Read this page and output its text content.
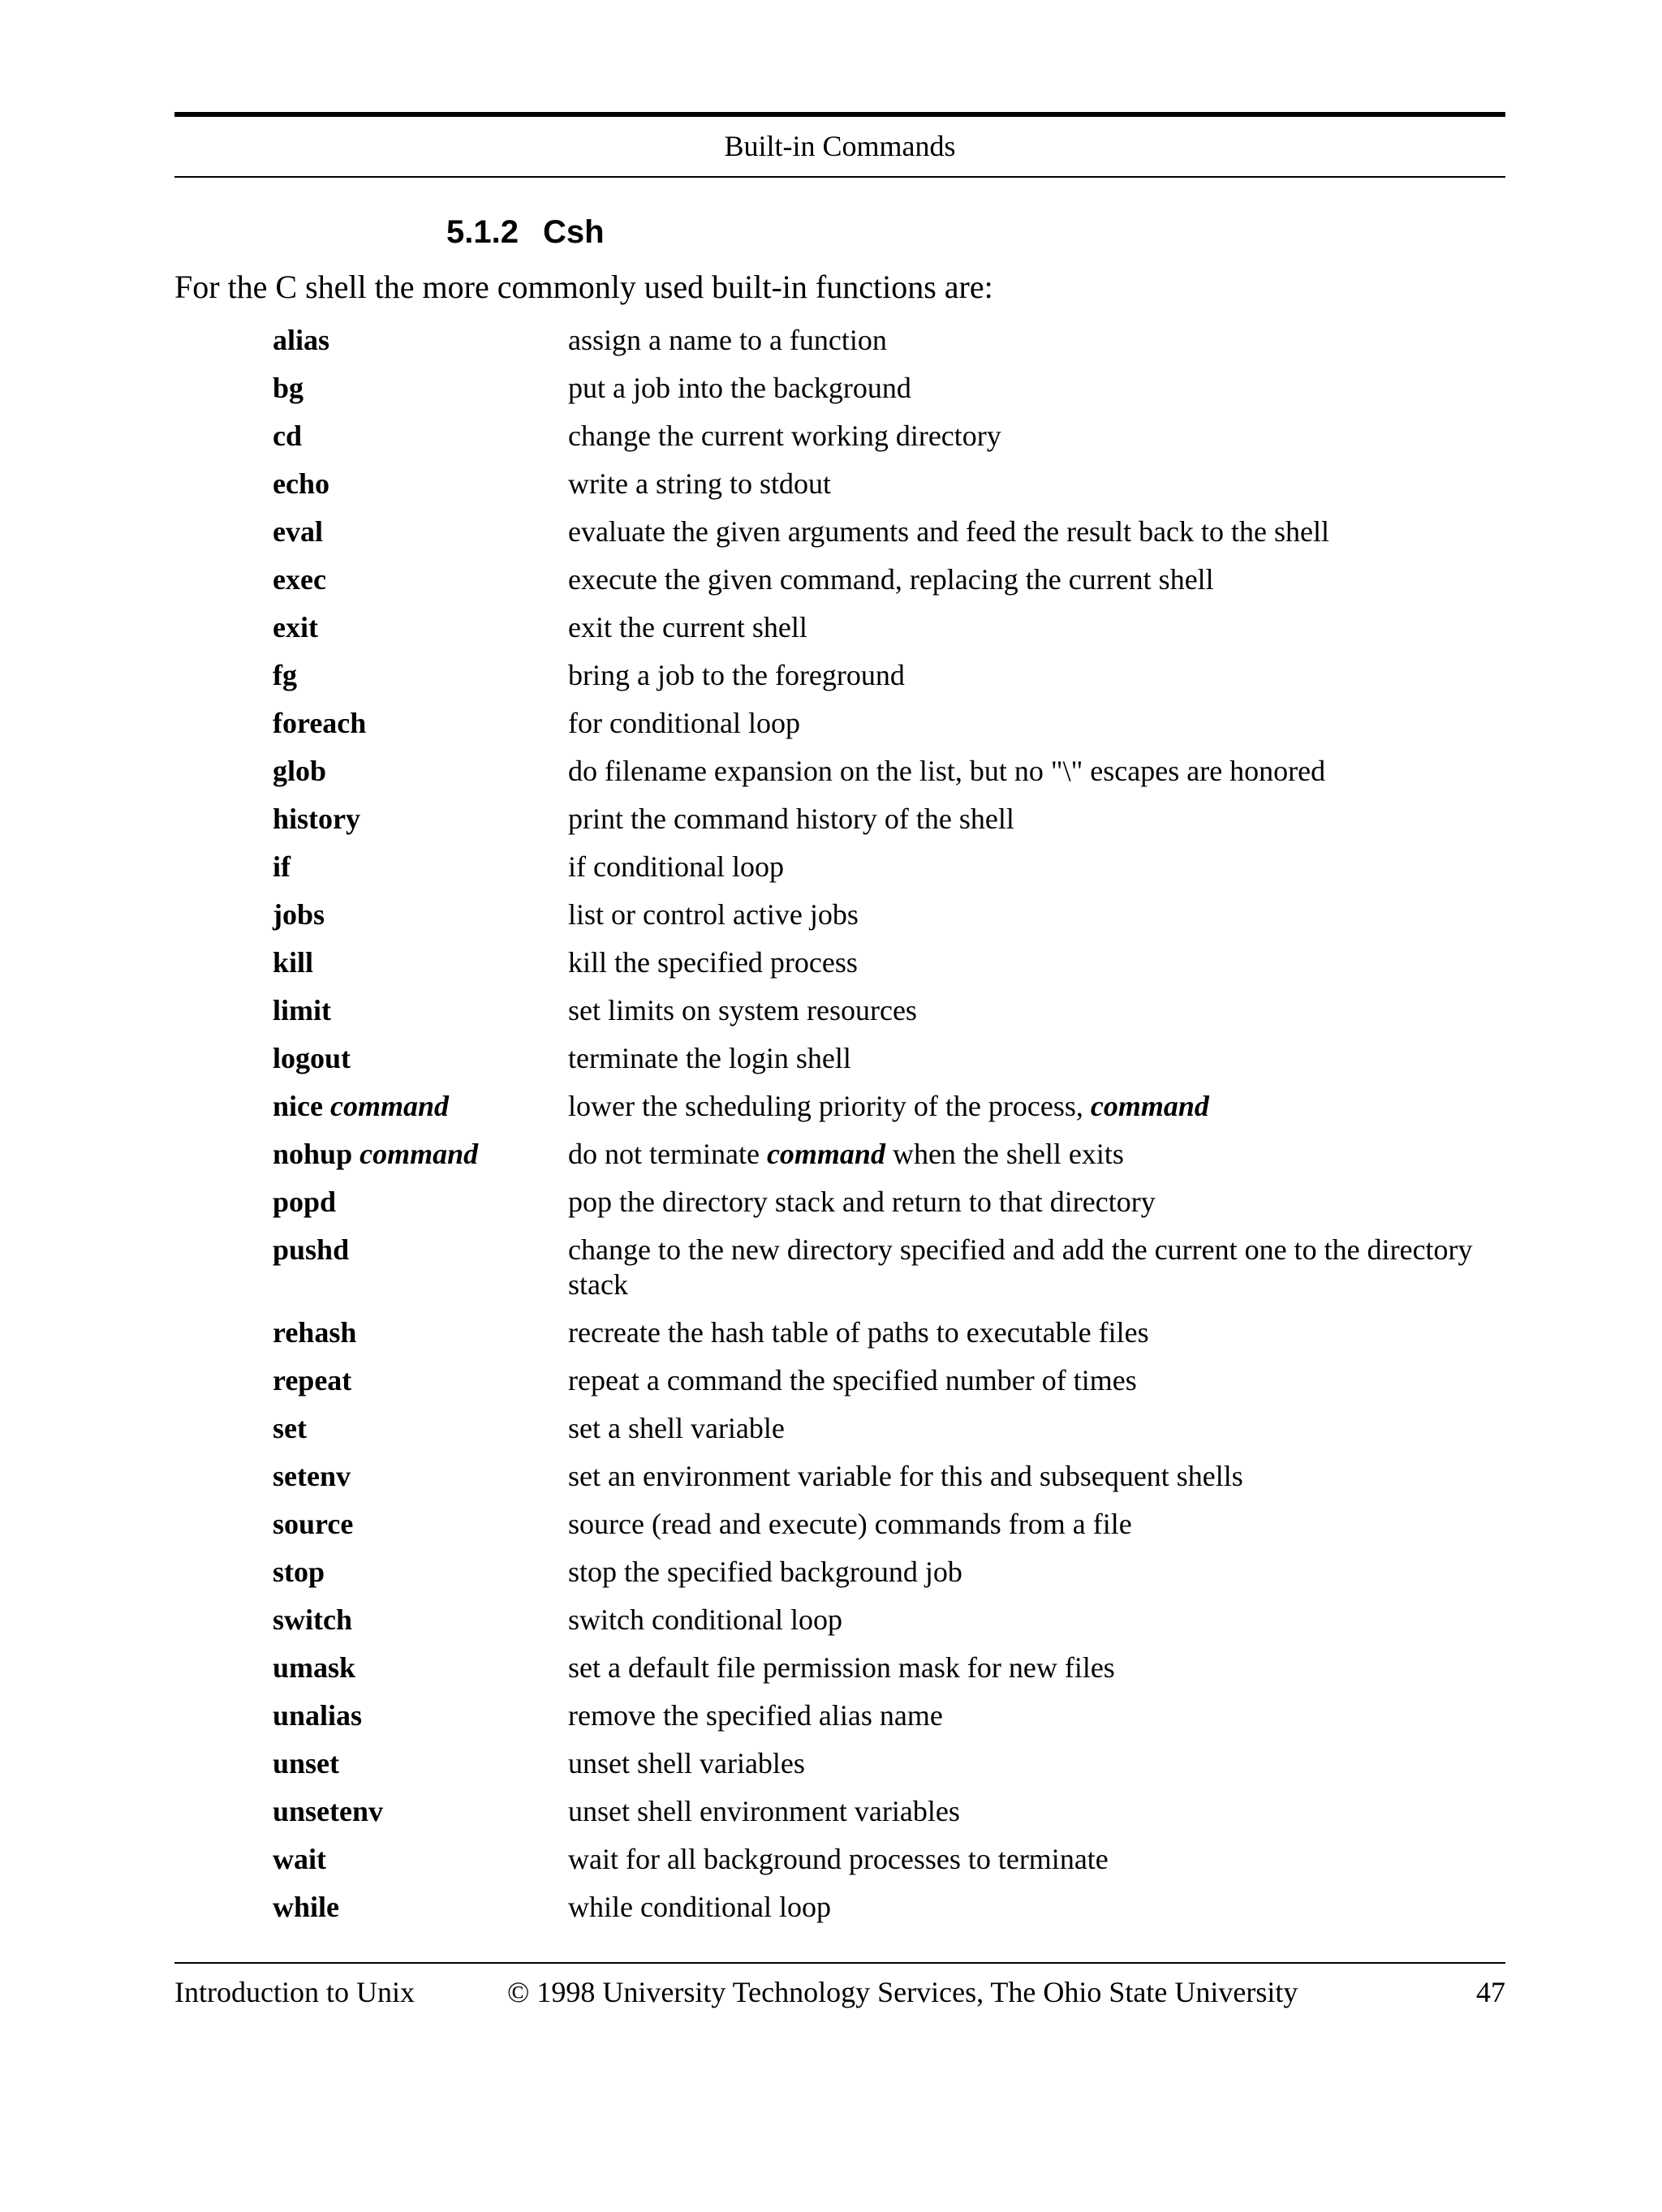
Built-in Commands
5.1.2 Csh
For the C shell the more commonly used built-in functions are:
alias	assign a name to a function
bg	put a job into the background
cd	change the current working directory
echo	write a string to stdout
eval	evaluate the given arguments and feed the result back to the shell
exec	execute the given command, replacing the current shell
exit	exit the current shell
fg	bring a job to the foreground
foreach	for conditional loop
glob	do filename expansion on the list, but no "\" escapes are honored
history	print the command history of the shell
if	if conditional loop
jobs	list or control active jobs
kill	kill the specified process
limit	set limits on system resources
logout	terminate the login shell
nice command	lower the scheduling priority of the process, command
nohup command	do not terminate command when the shell exits
popd	pop the directory stack and return to that directory
pushd	change to the new directory specified and add the current one to the directory stack
rehash	recreate the hash table of paths to executable files
repeat	repeat a command the specified number of times
set	set a shell variable
setenv	set an environment variable for this and subsequent shells
source	source (read and execute) commands from a file
stop	stop the specified background job
switch	switch conditional loop
umask	set a default file permission mask for new files
unalias	remove the specified alias name
unset	unset shell variables
unsetenv	unset shell environment variables
wait	wait for all background processes to terminate
while	while conditional loop
Introduction to Unix	© 1998 University Technology Services, The Ohio State University	47
